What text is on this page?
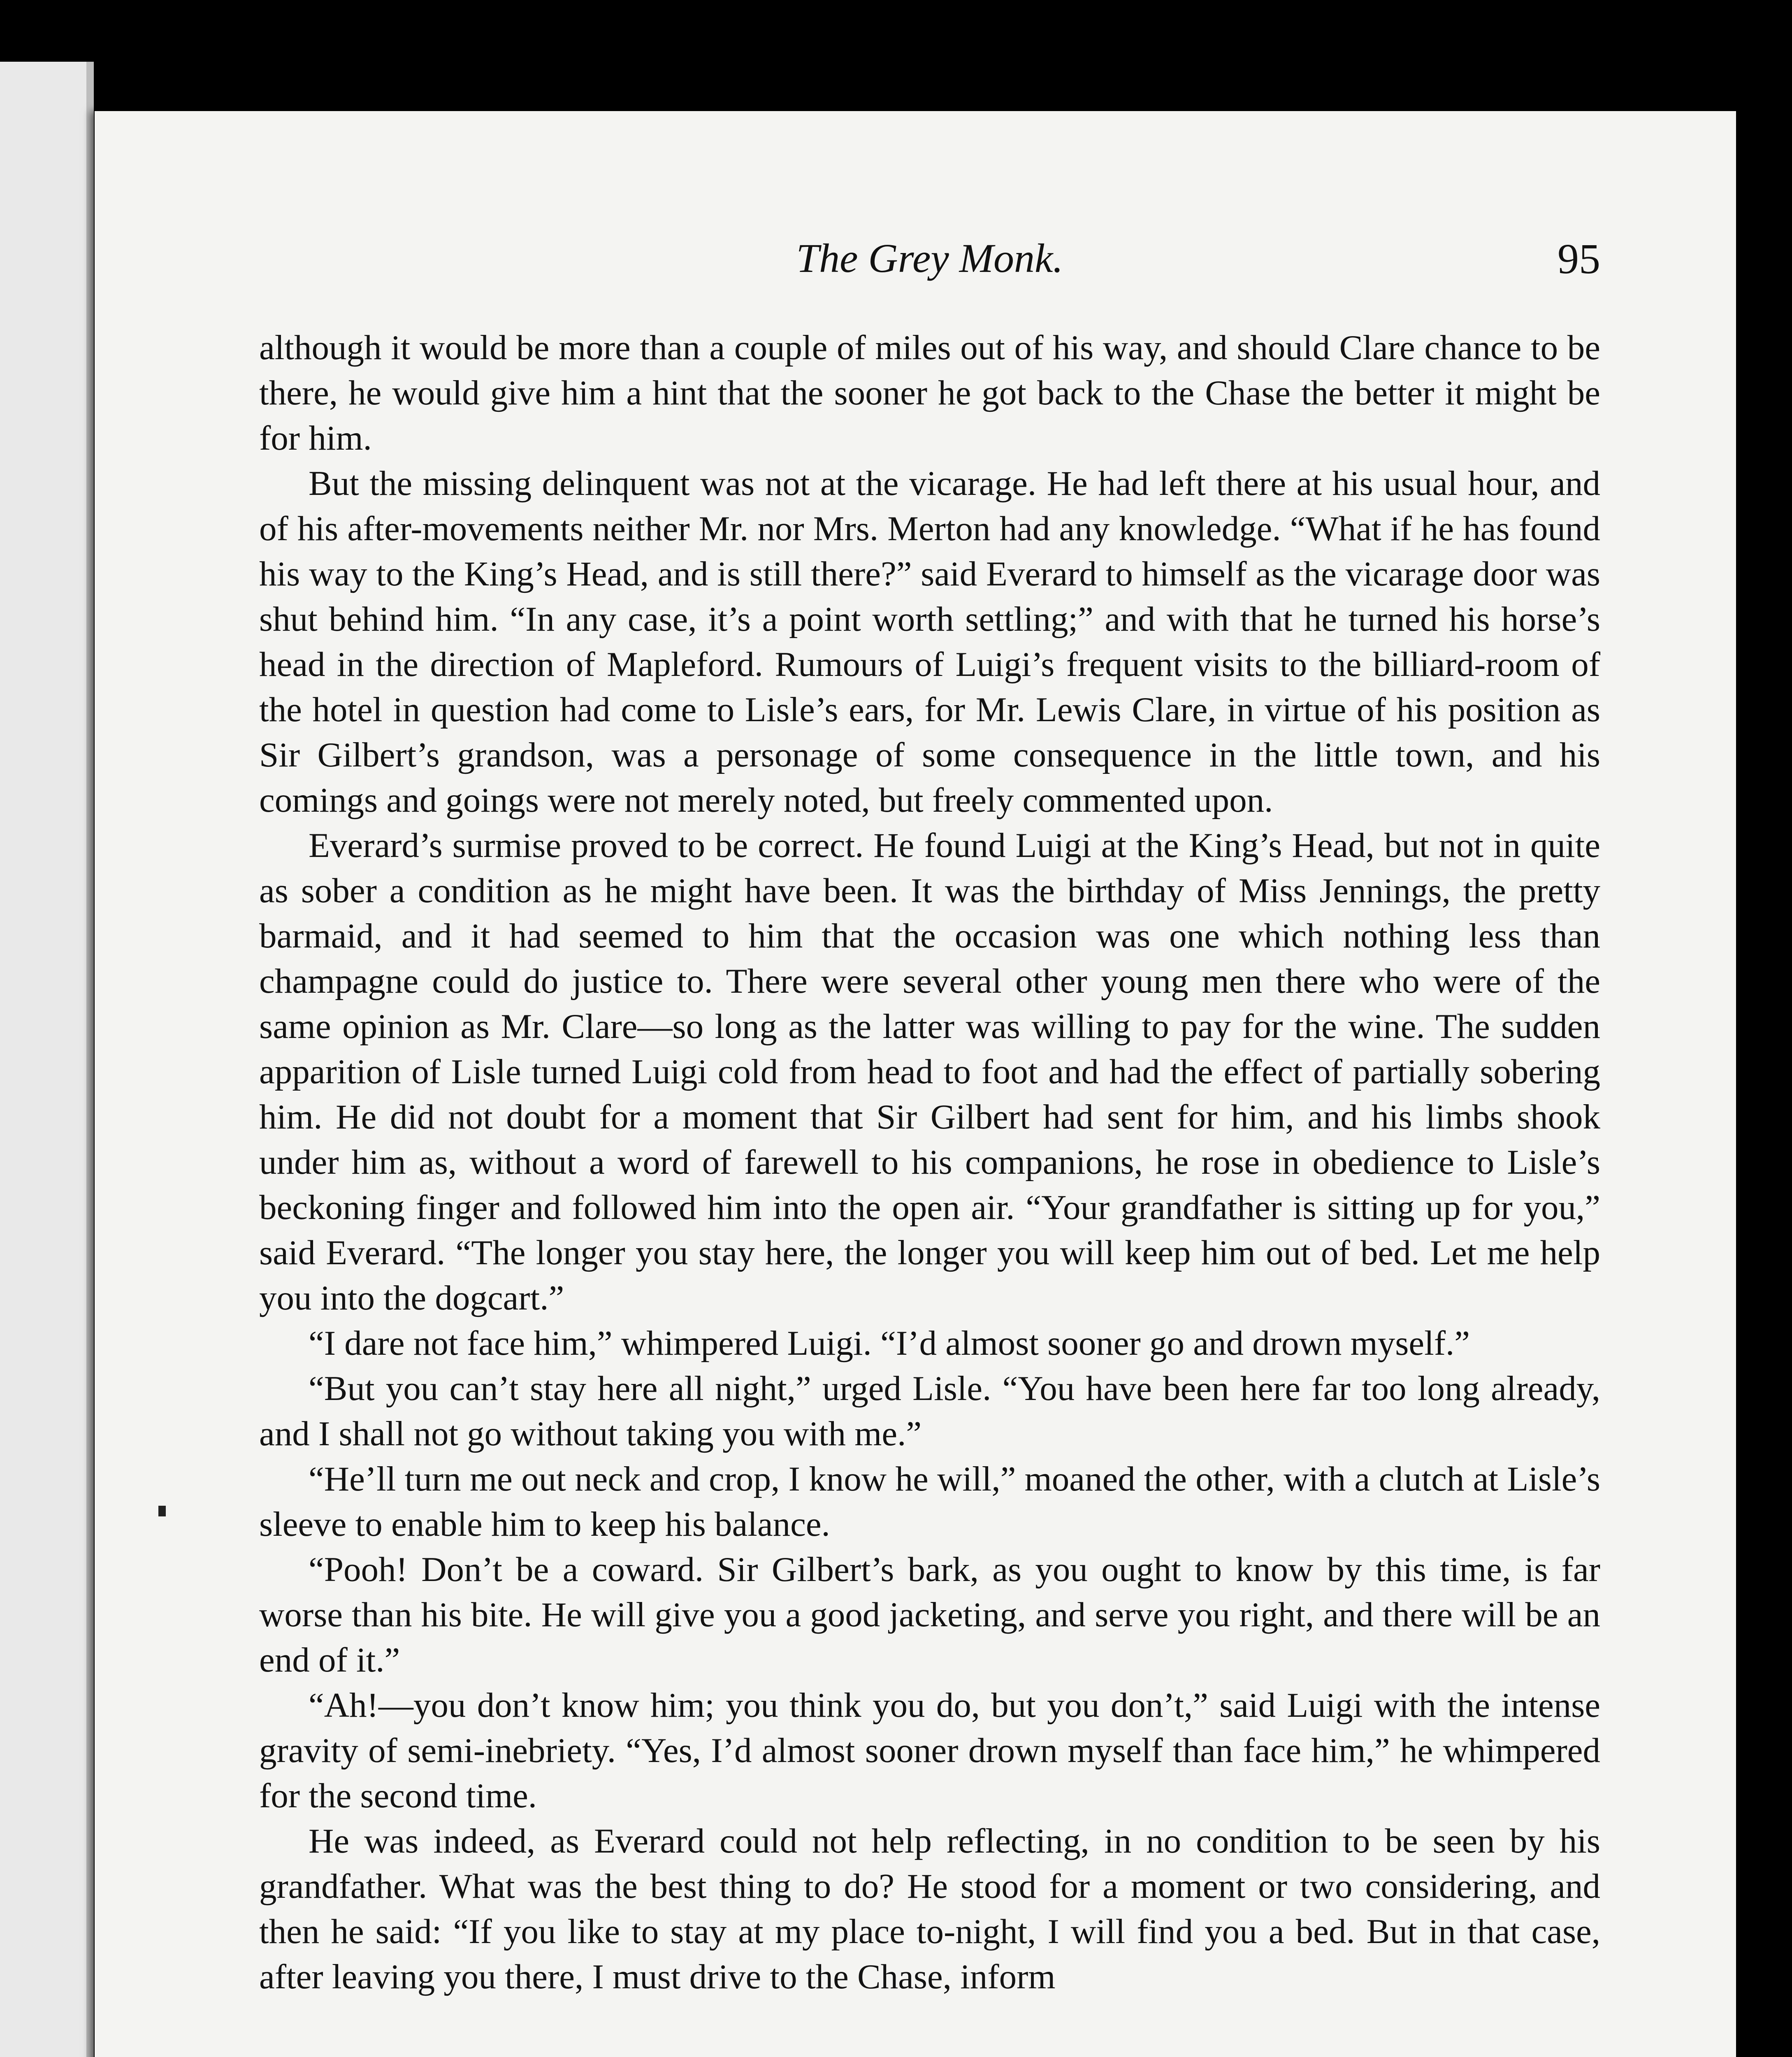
The Grey Monk.	95

although it would be more than a couple of miles out of his way, and should Clare chance to be there, he would give him a hint that the sooner he got back to the Chase the better it might be for him.

But the missing delinquent was not at the vicarage. He had left there at his usual hour, and of his after-movements neither Mr. nor Mrs. Merton had any knowledge. “What if he has found his way to the King’s Head, and is still there?” said Everard to himself as the vicarage door was shut behind him. “In any case, it’s a point worth settling;” and with that he turned his horse’s head in the direction of Mapleford. Rumours of Luigi’s frequent visits to the billiard-room of the hotel in question had come to Lisle’s ears, for Mr. Lewis Clare, in virtue of his position as Sir Gilbert’s grandson, was a personage of some consequence in the little town, and his comings and goings were not merely noted, but freely commented upon.

Everard’s surmise proved to be correct. He found Luigi at the King’s Head, but not in quite as sober a condition as he might have been. It was the birthday of Miss Jennings, the pretty barmaid, and it had seemed to him that the occasion was one which nothing less than champagne could do justice to. There were several other young men there who were of the same opinion as Mr. Clare—so long as the latter was willing to pay for the wine. The sudden apparition of Lisle turned Luigi cold from head to foot and had the effect of partially sobering him. He did not doubt for a moment that Sir Gilbert had sent for him, and his limbs shook under him as, without a word of farewell to his companions, he rose in obedience to Lisle’s beckoning finger and followed him into the open air. “Your grandfather is sitting up for you,” said Everard. “The longer you stay here, the longer you will keep him out of bed. Let me help you into the dogcart.”

“I dare not face him,” whimpered Luigi. “I’d almost sooner go and drown myself.”

“But you can’t stay here all night,” urged Lisle. “You have been here far too long already, and I shall not go without taking you with me.”

“He’ll turn me out neck and crop, I know he will,” moaned the other, with a clutch at Lisle’s sleeve to enable him to keep his balance.

“Pooh! Don’t be a coward. Sir Gilbert’s bark, as you ought to know by this time, is far worse than his bite. He will give you a good jacketing, and serve you right, and there will be an end of it.”

“Ah!—you don’t know him; you think you do, but you don’t,” said Luigi with the intense gravity of semi-inebriety. “Yes, I’d almost sooner drown myself than face him,” he whimpered for the second time.

He was indeed, as Everard could not help reflecting, in no condition to be seen by his grandfather. What was the best thing to do? He stood for a moment or two considering, and then he said: “If you like to stay at my place to-night, I will find you a bed. But in that case, after leaving you there, I must drive to the Chase, inform
